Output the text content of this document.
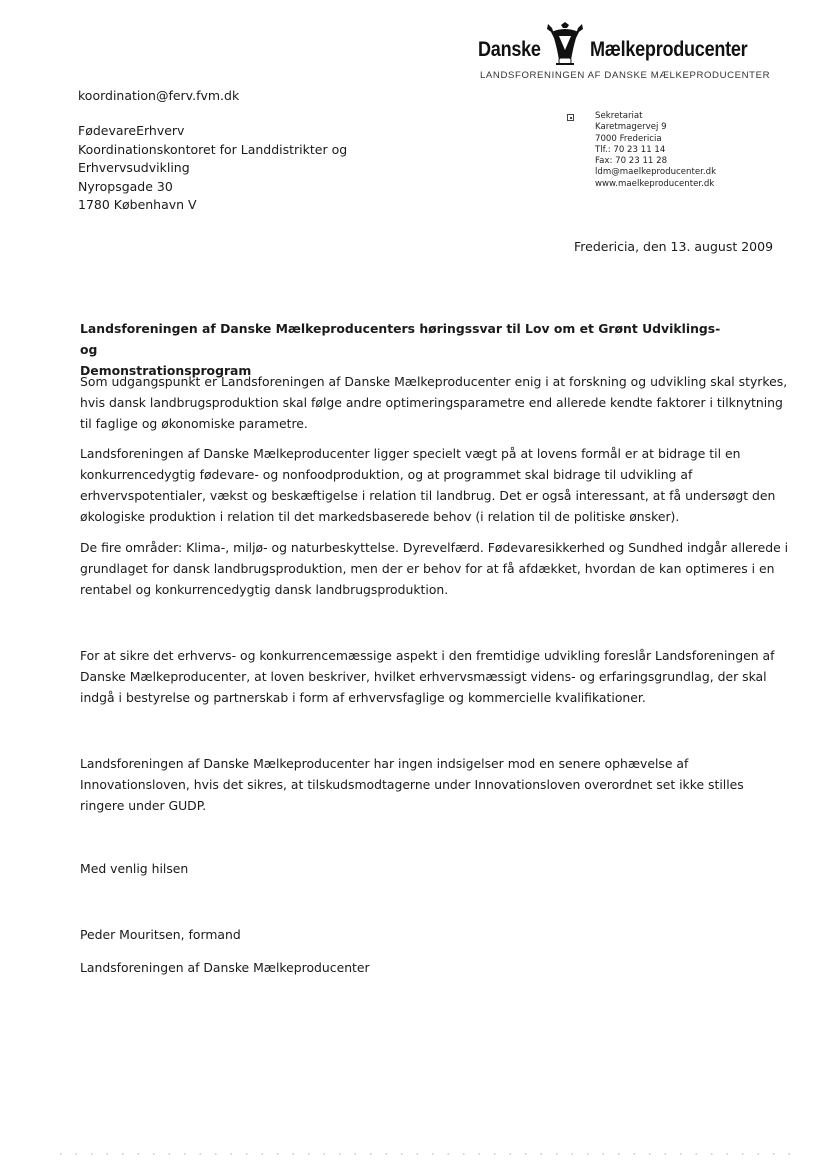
Danske Mælkeproducenter
LANDSFORENINGEN AF DANSKE MÆLKEPRODUCENTER
koordination@ferv.fvm.dk
FødevareErhverv
Koordinationskontoret for Landdistrikter og
Erhvervsudvikling
Nyropsgade 30
1780 København V
Sekretariat
Karetmagervej 9
7000 Fredericia
Tlf.: 70 23 11 14
Fax: 70 23 11 28
ldm@maelkeproducenter.dk
www.maelkeproducenter.dk
Fredericia, den 13. august 2009
Landsforeningen af Danske Mælkeproducenters høringssvar til Lov om et Grønt Udviklings- og
Demonstrationsprogram
Som udgangspunkt er Landsforeningen af Danske Mælkeproducenter enig i at forskning og udvikling skal styrkes,
hvis dansk landbrugsproduktion skal følge andre optimeringsparametre end allerede kendte faktorer i tilknytning
til faglige og økonomiske parametre.
Landsforeningen af Danske Mælkeproducenter ligger specielt vægt på at lovens formål er at bidrage til en
konkurrencedygtig fødevare- og nonfoodproduktion, og at programmet skal bidrage til udvikling af
erhvervspotentialer, vækst og beskæftigelse i relation til landbrug. Det er også interessant, at få undersøgt den
økologiske produktion i relation til det markedsbaserede behov (i relation til de politiske ønsker).
De fire områder: Klima-, miljø- og naturbeskyttelse. Dyrevelfærd. Fødevaresikkerhed og Sundhed indgår allerede i
grundlaget for dansk landbrugsproduktion, men der er behov for at få afdækket, hvordan de kan optimeres i en
rentabel og konkurrencedygtig dansk landbrugsproduktion.
For at sikre det erhvervs- og konkurrencemæssige aspekt i den fremtidige udvikling foreslår Landsforeningen af
Danske Mælkeproducenter, at loven beskriver, hvilket erhvervsmæssigt videns- og erfaringsgrundlag, der skal
indgå i bestyrelse og partnerskab i form af erhvervsfaglige og kommercielle kvalifikationer.
Landsforeningen af Danske Mælkeproducenter har ingen indsigelser mod en senere ophævelse af
Innovationsloven, hvis det sikres, at tilskudsmodtagerne under Innovationsloven overordnet set ikke stilles
ringere under GUDP.
Med venlig hilsen
Peder Mouritsen, formand
Landsforeningen af Danske Mælkeproducenter
